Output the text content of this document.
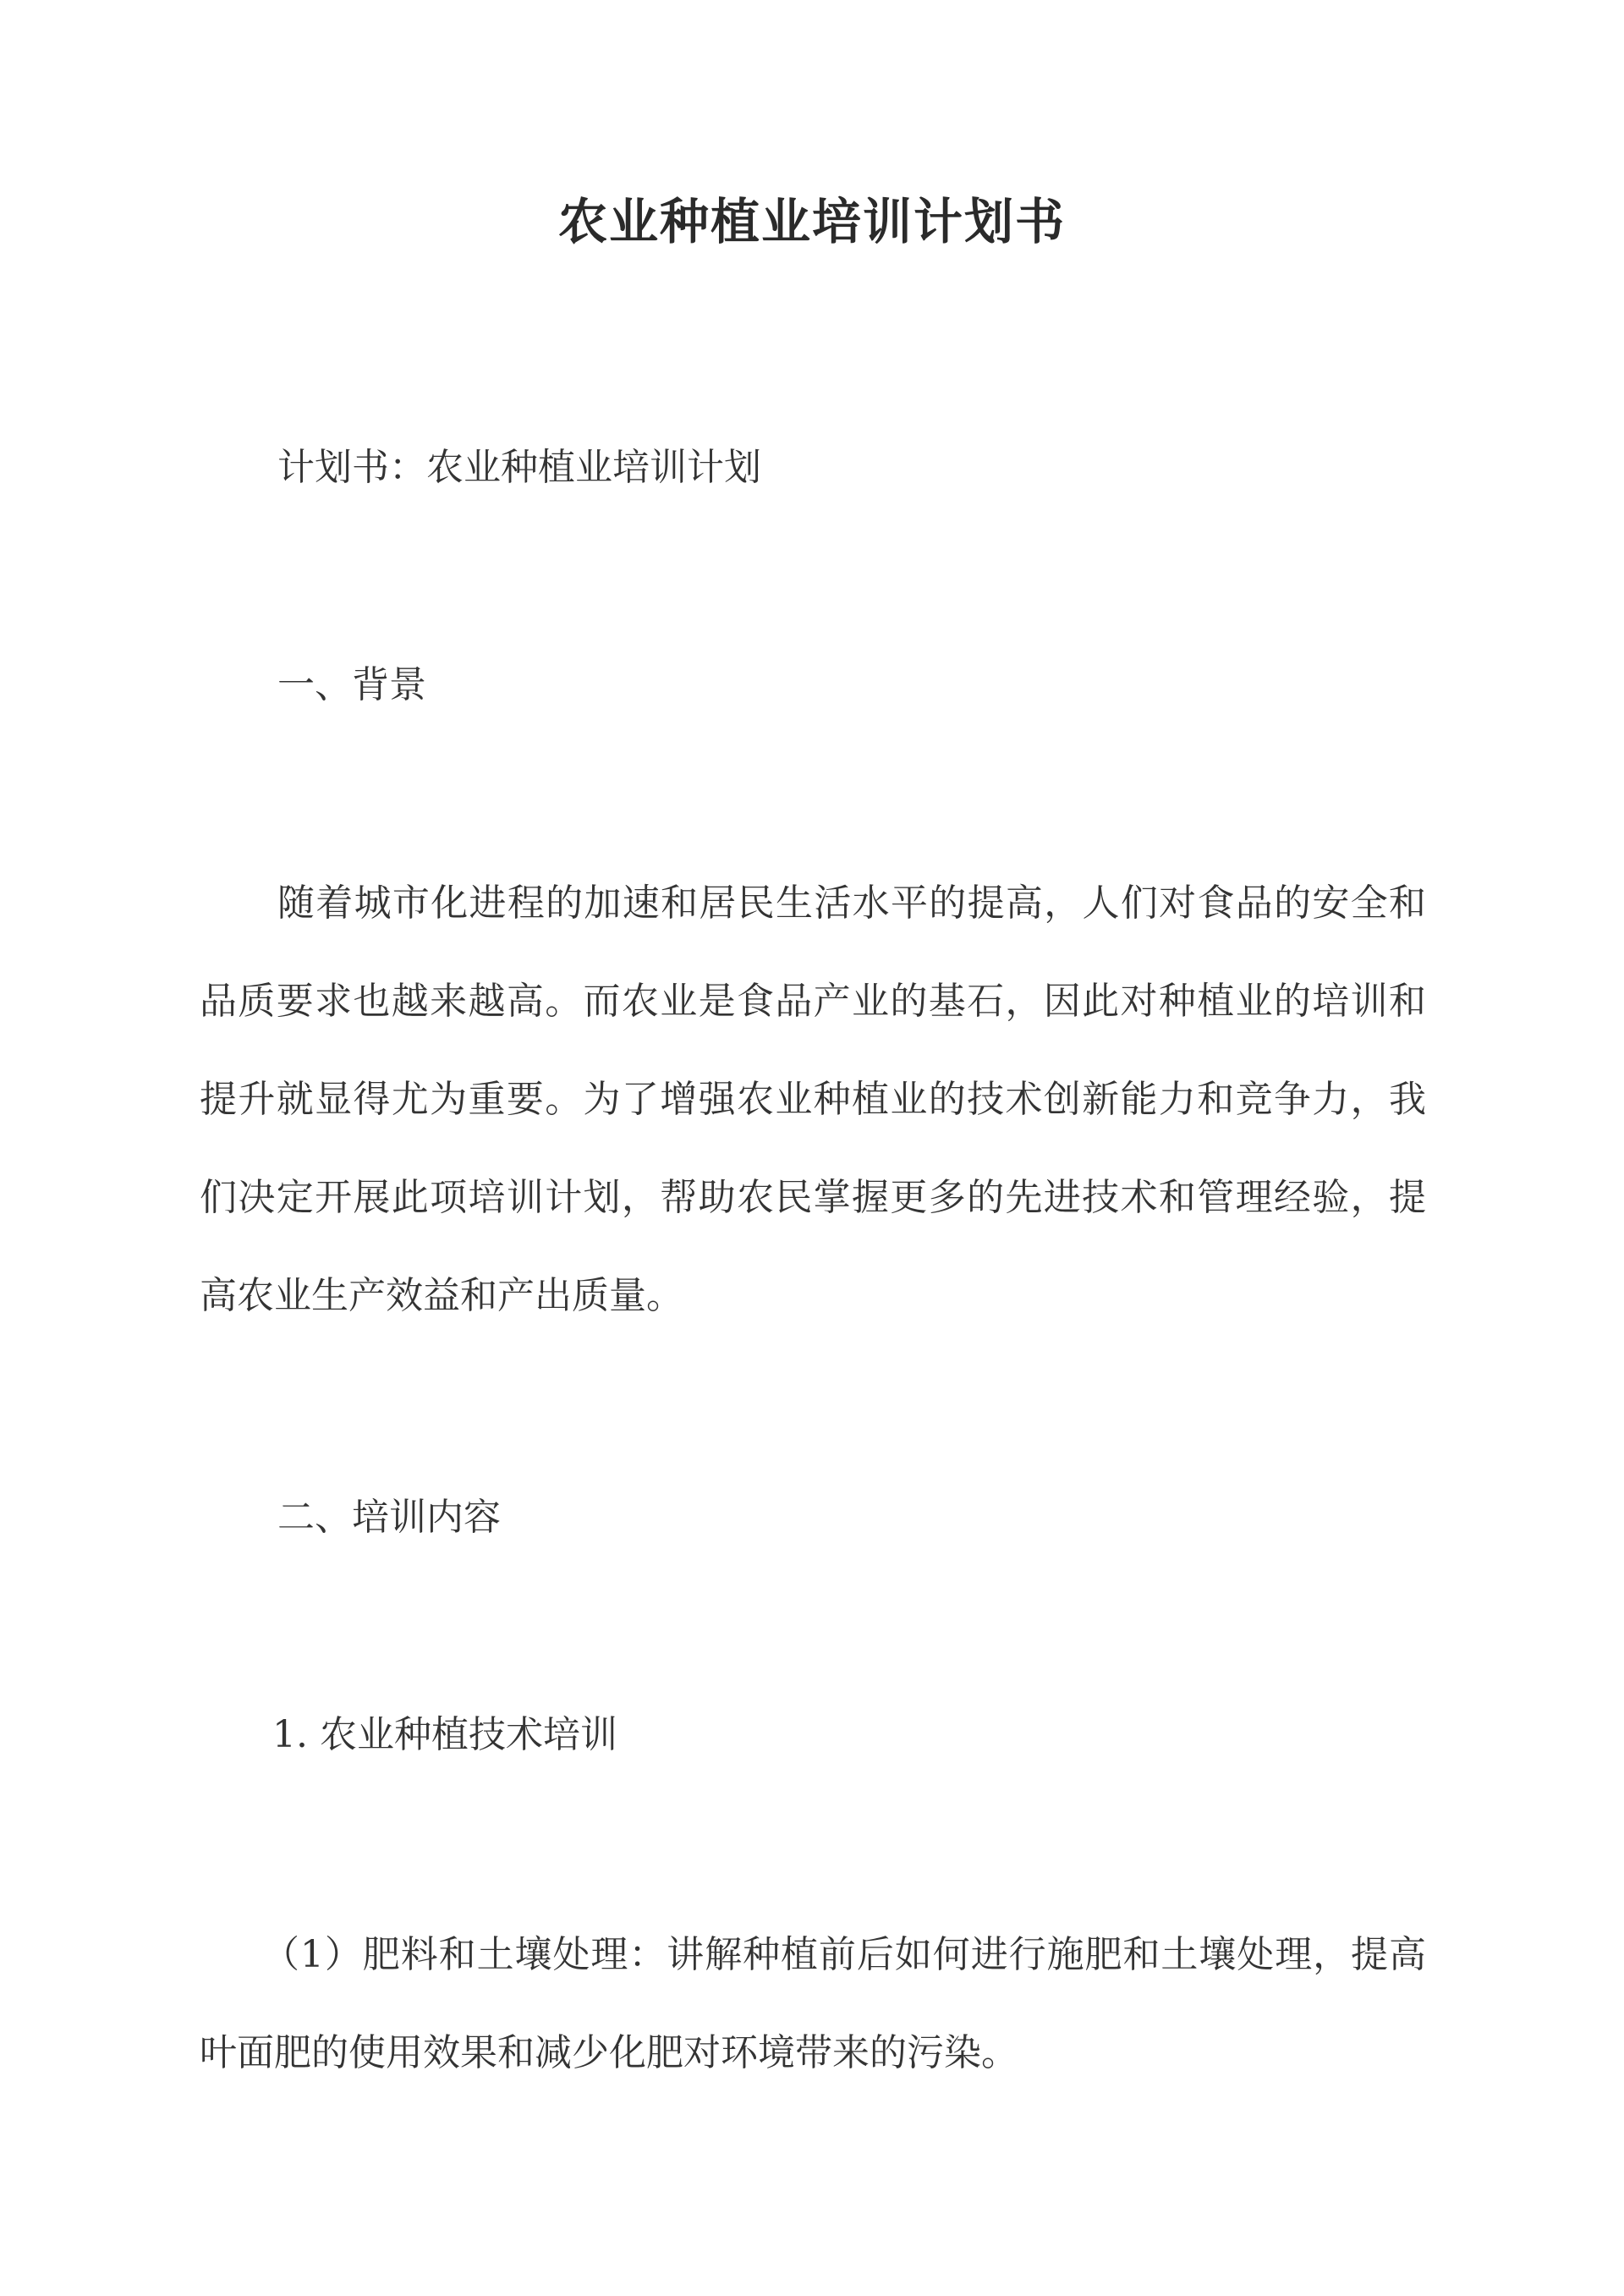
农业种植业培训计划书
计划书：农业种植业培训计划
一、背景
随着城市化进程的加速和居民生活水平的提高，人们对食品的安全和品质要求也越来越高。而农业是食品产业的基石，因此对种植业的培训和提升就显得尤为重要。为了增强农业种植业的技术创新能力和竞争力，我们决定开展此项培训计划，帮助农民掌握更多的先进技术和管理经验，提高农业生产效益和产出质量。
二、培训内容
1. 农业种植技术培训
（1）肥料和土壤处理：讲解种植前后如何进行施肥和土壤处理，提高叶面肥的使用效果和减少化肥对环境带来的污染。
